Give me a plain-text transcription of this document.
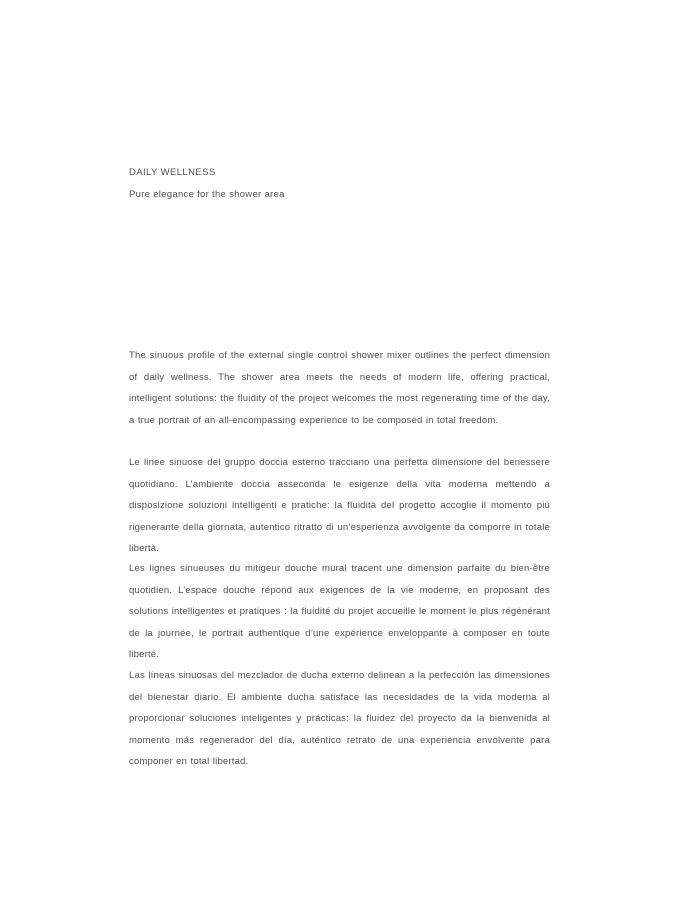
DAILY WELLNESS
Pure elegance for the shower area
The sinuous profile of the external single control shower mixer outlines the perfect dimension of daily wellness. The shower area meets the needs of modern life, offering practical, intelligent solutions: the fluidity of the project welcomes the most regenerating time of the day, a true portrait of an all-encompassing experience to be composed in total freedom.
Le linee sinuose del gruppo doccia esterno tracciano una perfetta dimensione del benessere quotidiano. L’ambiente doccia asseconda le esigenze della vita moderna mettendo a disposizione soluzioni intelligenti e pratiche: la fluidità del progetto accoglie il momento più rigenerante della giornata, autentico ritratto di un’esperienza avvolgente da comporre in totale libertà.
Les lignes sinueuses du mitigeur douche mural tracent une dimension parfaite du bien-être quotidien. L’espace douche répond aux exigences de la vie moderne, en proposant des solutions intelligentes et pratiques : la fluidité du projet accueille le moment le plus régénérant de la journée, le portrait authentique d’une expérience enveloppante à composer en toute liberté.
Las líneas sinuosas del mezclador de ducha externo delinean a la perfección las dimensiones del bienestar diario. El ambiente ducha satisface las necesidades de la vida moderna al proporcionar soluciones inteligentes y prácticas: la fluidez del proyecto da la bienvenida al momento más regenerador del día, auténtico retrato de una experiencia envolvente para componer en total libertad.
